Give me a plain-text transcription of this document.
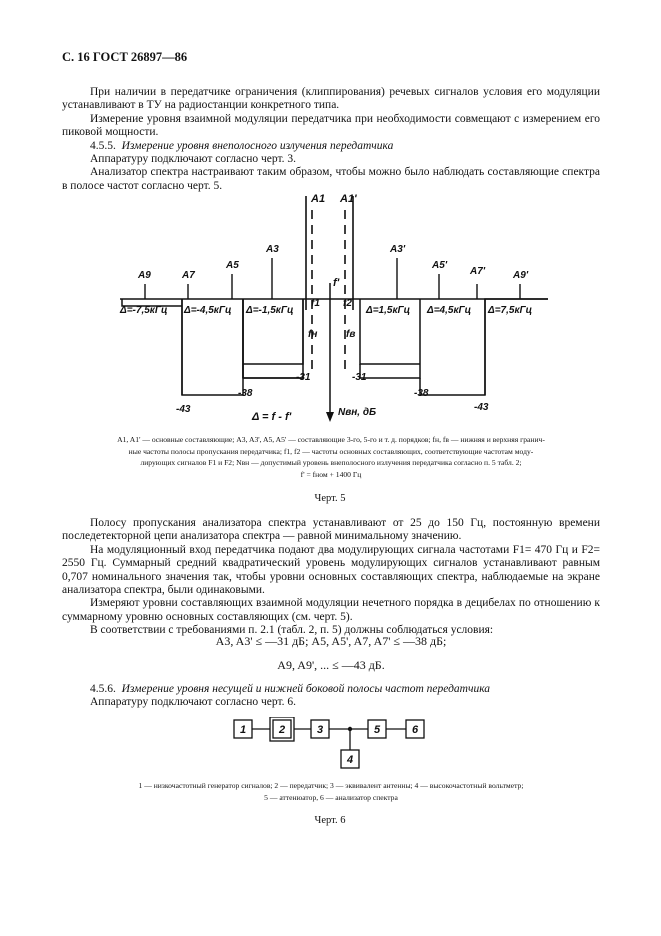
С. 16 ГОСТ 26897—86
При наличии в передатчике ограничения (клиппирования) речевых сигналов условия его модуляции устанавливают в ТУ на радиостанции конкретного типа.
Измерение уровня взаимной модуляции передатчика при необходимости совмещают с измерением его пиковой мощности.
4.5.5. Измерение уровня внеполосного излучения передатчика
Аппаратуру подключают согласно черт. 3.
Анализатор спектра настраивают таким образом, чтобы можно было наблюдать составляющие спектра в полосе частот согласно черт. 5.
A1 A1'
A9	A7
A5
A3	A3'
A5'
A7'	A9'
f'
Δ=-7,5кГц Δ=-4,5кГц Δ=-1,5кГц	Δ=1,5кГц Δ=4,5кГц Δ=7,5кГц
f1 f2
fн	fв
-31	-31
-38	-38
-43	-43
Δ = f - f'	Nвн, дБ
A1, A1' — основные составляющие; A3, A3', A5, A5' — составляющие 3-го, 5-го и т. д. порядков; fн, fв — нижняя и верхняя гранич-
ные частоты полосы пропускания передатчика; f1, f2 — частоты основных составляющих, соответствующие частотам моду-
лирующих сигналов F1 и F2; Nвн — допустимый уровень внеполосного излучения передатчика согласно п. 5 табл. 2;
f' = fном + 1400 Гц
Черт. 5
Полосу пропускания анализатора спектра устанавливают от 25 до 150 Гц, постоянную времени последетекторной цепи анализатора спектра — равной минимальному значению.
На модуляционный вход передатчика подают два модулирующих сигнала частотами F1= 470 Гц и F2= 2550 Гц. Суммарный средний квадратический уровень модулирующих сигналов устанавливают равным 0,707 номинального значения так, чтобы уровни основных составляющих спектра, наблюдаемые на экране анализатора спектра, были одинаковыми.
Измеряют уровни составляющих взаимной модуляции нечетного порядка в децибелах по отношению к суммарному уровню основных составляющих (см. черт. 5).
В соответствии с требованиями п. 2.1 (табл. 2, п. 5) должны соблюдаться условия:
A3, A3' ≤ —31 дБ; A5, A5', A7, A7' ≤ —38 дБ;
A9, A9', ... ≤ —43 дБ.
4.5.6. Измерение уровня несущей и нижней боковой полосы частот передатчика
Аппаратуру подключают согласно черт. 6.
1	2	3
4
5	6
1 — низкочастотный генератор сигналов; 2 — передатчик; 3 — эквивалент антенны; 4 — высокочастотный вольтметр;
5 — аттенюатор, 6 — анализатор спектра
Черт. 6
